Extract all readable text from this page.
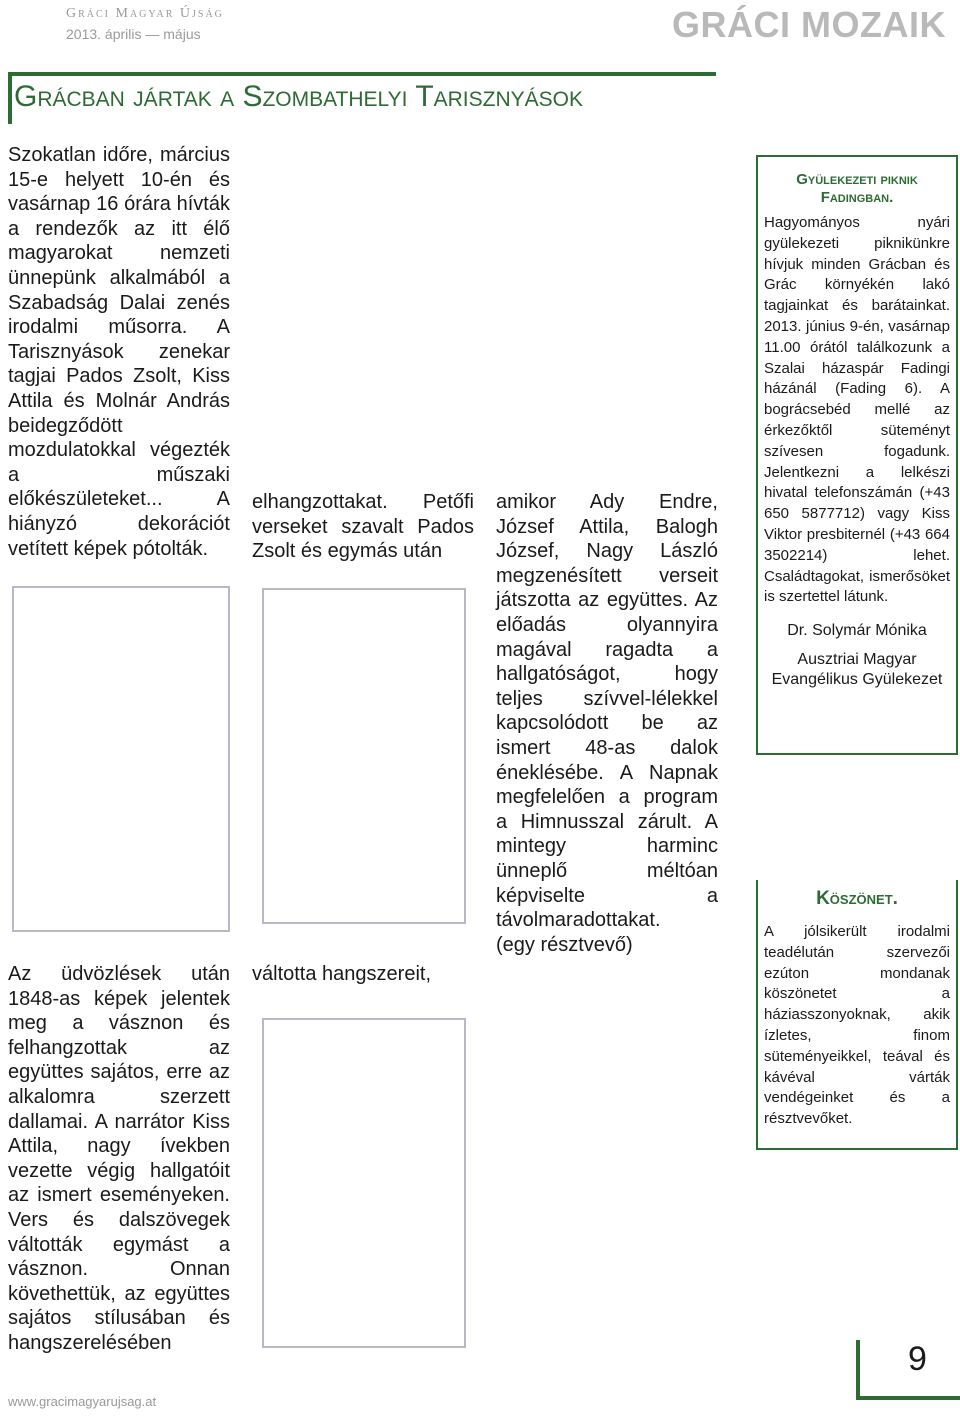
Gráci Magyar Újság
2013. április — május	GRÁCI MOZAIK
Grácban jártak a Szombathelyi Tarisznyások

Szokatlan időre, március 15-e helyett 10-én és vasárnap 16 órára hívták a rendezők az itt élő magyarokat nemzeti ünnepünk alkalmából a Szabadság Dalai zenés irodalmi műsorra. A Tarisznyások zenekar tagjai Pados Zsolt, Kiss Attila és Molnár András beidegződött mozdulatokkal végezték a műszaki előkészületeket... A hiányzó dekorációt vetített képek pótolták.

Az üdvözlések után 1848-as képek jelentek meg a vásznon és felhangzottak az együttes sajátos, erre az alkalomra szerzett dallamai. A narrátor Kiss Attila, nagy ívekben vezette végig hallgatóit az ismert eseményeken. Vers és dalszövegek váltották egymást a vásznon. Onnan követhettük, az együttes sajátos stílusában és hangszerelésében

elhangzottakat. Petőfi verseket szavalt Pados Zsolt és egymás után

váltotta hangszereit,

amikor Ady Endre, József Attila, Balogh József, Nagy László megzenésített verseit játszotta az együttes. Az előadás olyannyira magával ragadta a hallgatóságot, hogy teljes szívvel-lélekkel kapcsolódott be az ismert 48-as dalok éneklésébe. A Napnak megfelelően a program a Himnusszal zárult. A mintegy harminc ünneplő méltóan képviselte a távolmaradottakat.

(egy résztvevő)

Gyülekezeti piknik Fadingban.

Hagyományos nyári gyülekezeti piknikünkre hívjuk minden Grácban és Grác környékén lakó tagjainkat és barátainkat. 2013. június 9-én, vasárnap 11.00 órától találkozunk a Szalai házaspár Fadingi házánál (Fading 6). A bográcsebéd mellé az érkezőktől süteményt szívesen fogadunk. Jelentkezni a lelkészi hivatal telefonszámán (+43 650 5877712) vagy Kiss Viktor presbiternél (+43 664 3502214) lehet. Családtagokat, ismerősöket is szertettel látunk.

Dr. Solymár Mónika
Ausztriai Magyar Evangélikus Gyülekezet
Köszönet.

A jólsikerült irodalmi teadélután szervezői ezúton mondanak köszönetet a háziasszonyoknak, akik ízletes, finom süteményeikkel, teával és kávéval várták vendégeinket és a résztvevőket.

www.gracimagyarujsag.at
9
